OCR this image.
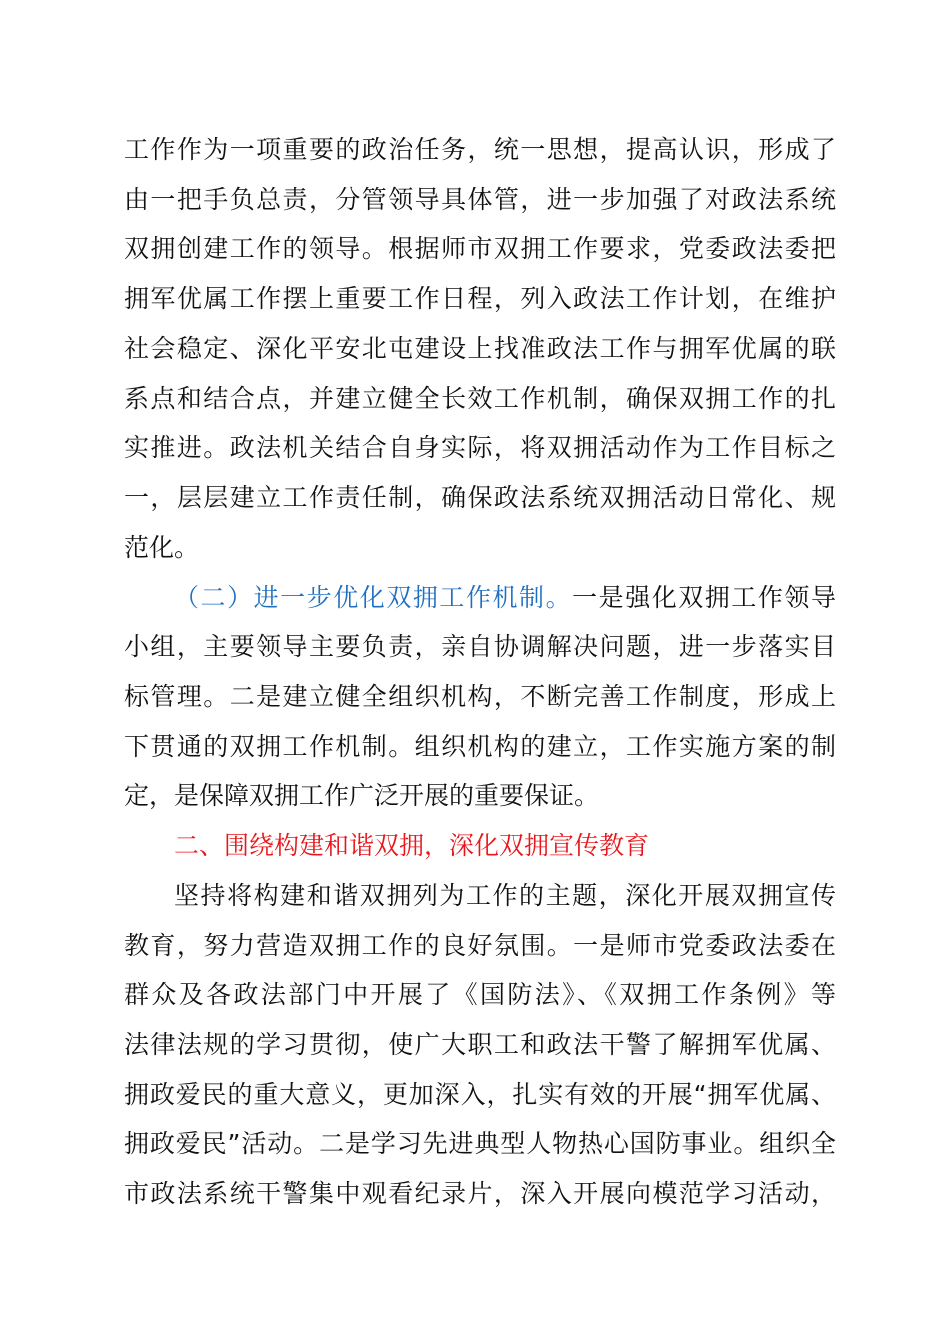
工作作为一项重要的政治任务，统一思想，提高认识，形成了
由一把手负总责，分管领导具体管，进一步加强了对政法系统
双拥创建工作的领导。根据师市双拥工作要求，党委政法委把
拥军优属工作摆上重要工作日程，列入政法工作计划，在维护
社会稳定、深化平安北屯建设上找准政法工作与拥军优属的联
系点和结合点，并建立健全长效工作机制，确保双拥工作的扎
实推进。政法机关结合自身实际，将双拥活动作为工作目标之
一，层层建立工作责任制，确保政法系统双拥活动日常化、规
范化。
（二）进一步优化双拥工作机制。一是强化双拥工作领导
小组，主要领导主要负责，亲自协调解决问题，进一步落实目
标管理。二是建立健全组织机构，不断完善工作制度，形成上
下贯通的双拥工作机制。组织机构的建立，工作实施方案的制
定，是保障双拥工作广泛开展的重要保证。
二、围绕构建和谐双拥，深化双拥宣传教育
坚持将构建和谐双拥列为工作的主题，深化开展双拥宣传
教育，努力营造双拥工作的良好氛围。一是师市党委政法委在
群众及各政法部门中开展了《国防法》、《双拥工作条例》等
法律法规的学习贯彻，使广大职工和政法干警了解拥军优属、
拥政爱民的重大意义，更加深入，扎实有效的开展“拥军优属、
拥政爱民”活动。二是学习先进典型人物热心国防事业。组织全
市政法系统干警集中观看纪录片，深入开展向模范学习活动，
